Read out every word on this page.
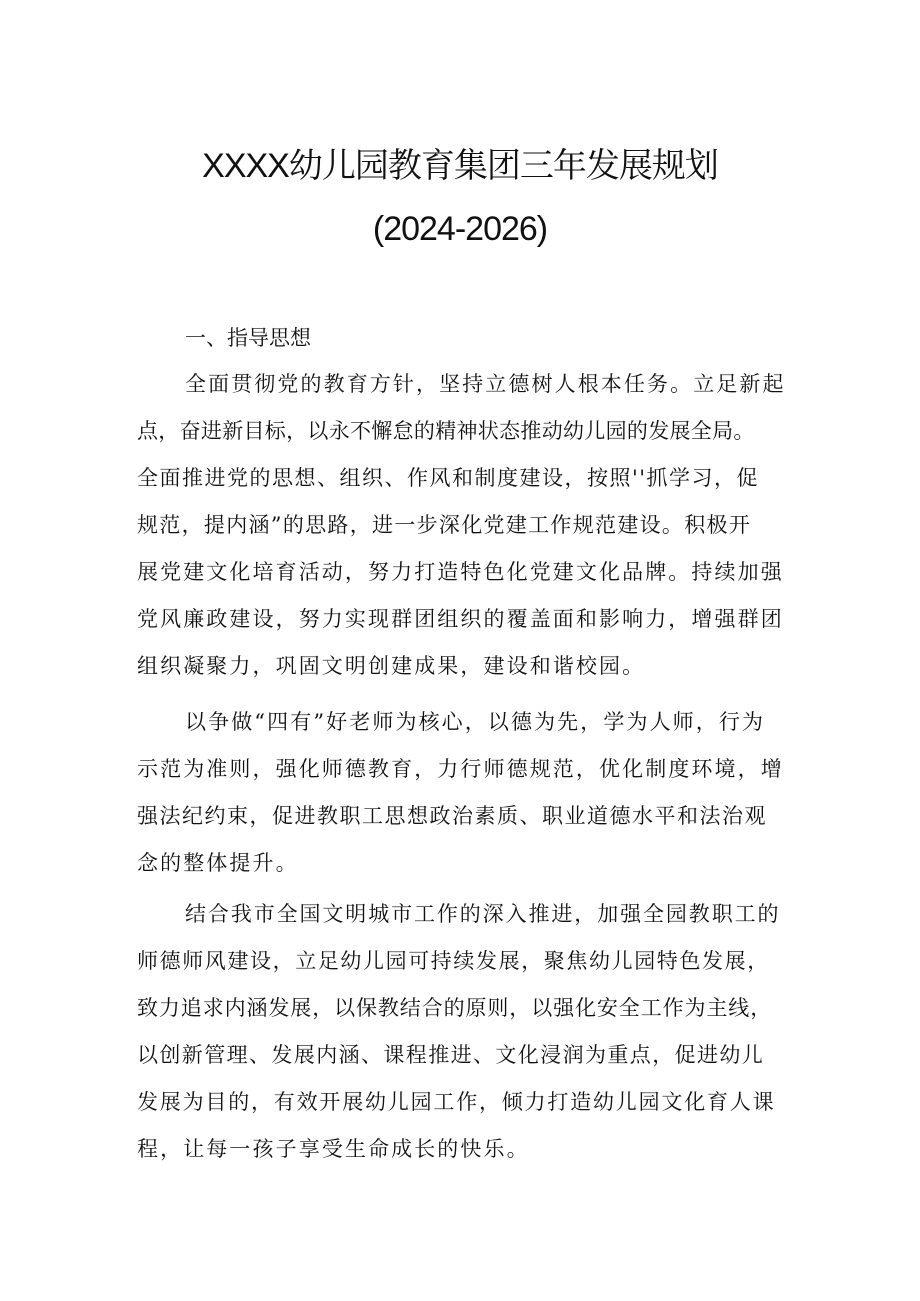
XXXX幼儿园教育集团三年发展规划
(2024-2026)
一、指导思想
全面贯彻党的教育方针，坚持立德树人根本任务。立足新起
点，奋进新目标，以永不懈怠的精神状态推动幼儿园的发展全局。
全面推进党的思想、组织、作风和制度建设，按照''抓学习，促
规范，提内涵”的思路，进一步深化党建工作规范建设。积极开
展党建文化培育活动，努力打造特色化党建文化品牌。持续加强
党风廉政建设，努力实现群团组织的覆盖面和影响力，增强群团
组织凝聚力，巩固文明创建成果，建设和谐校园。
以争做“四有”好老师为核心，以德为先，学为人师，行为
示范为准则，强化师德教育，力行师德规范，优化制度环境，增
强法纪约束，促进教职工思想政治素质、职业道德水平和法治观
念的整体提升。
结合我市全国文明城市工作的深入推进，加强全园教职工的
师德师风建设，立足幼儿园可持续发展，聚焦幼儿园特色发展，
致力追求内涵发展，以保教结合的原则，以强化安全工作为主线，
以创新管理、发展内涵、课程推进、文化浸润为重点，促进幼儿
发展为目的，有效开展幼儿园工作，倾力打造幼儿园文化育人课
程，让每一孩子享受生命成长的快乐。
